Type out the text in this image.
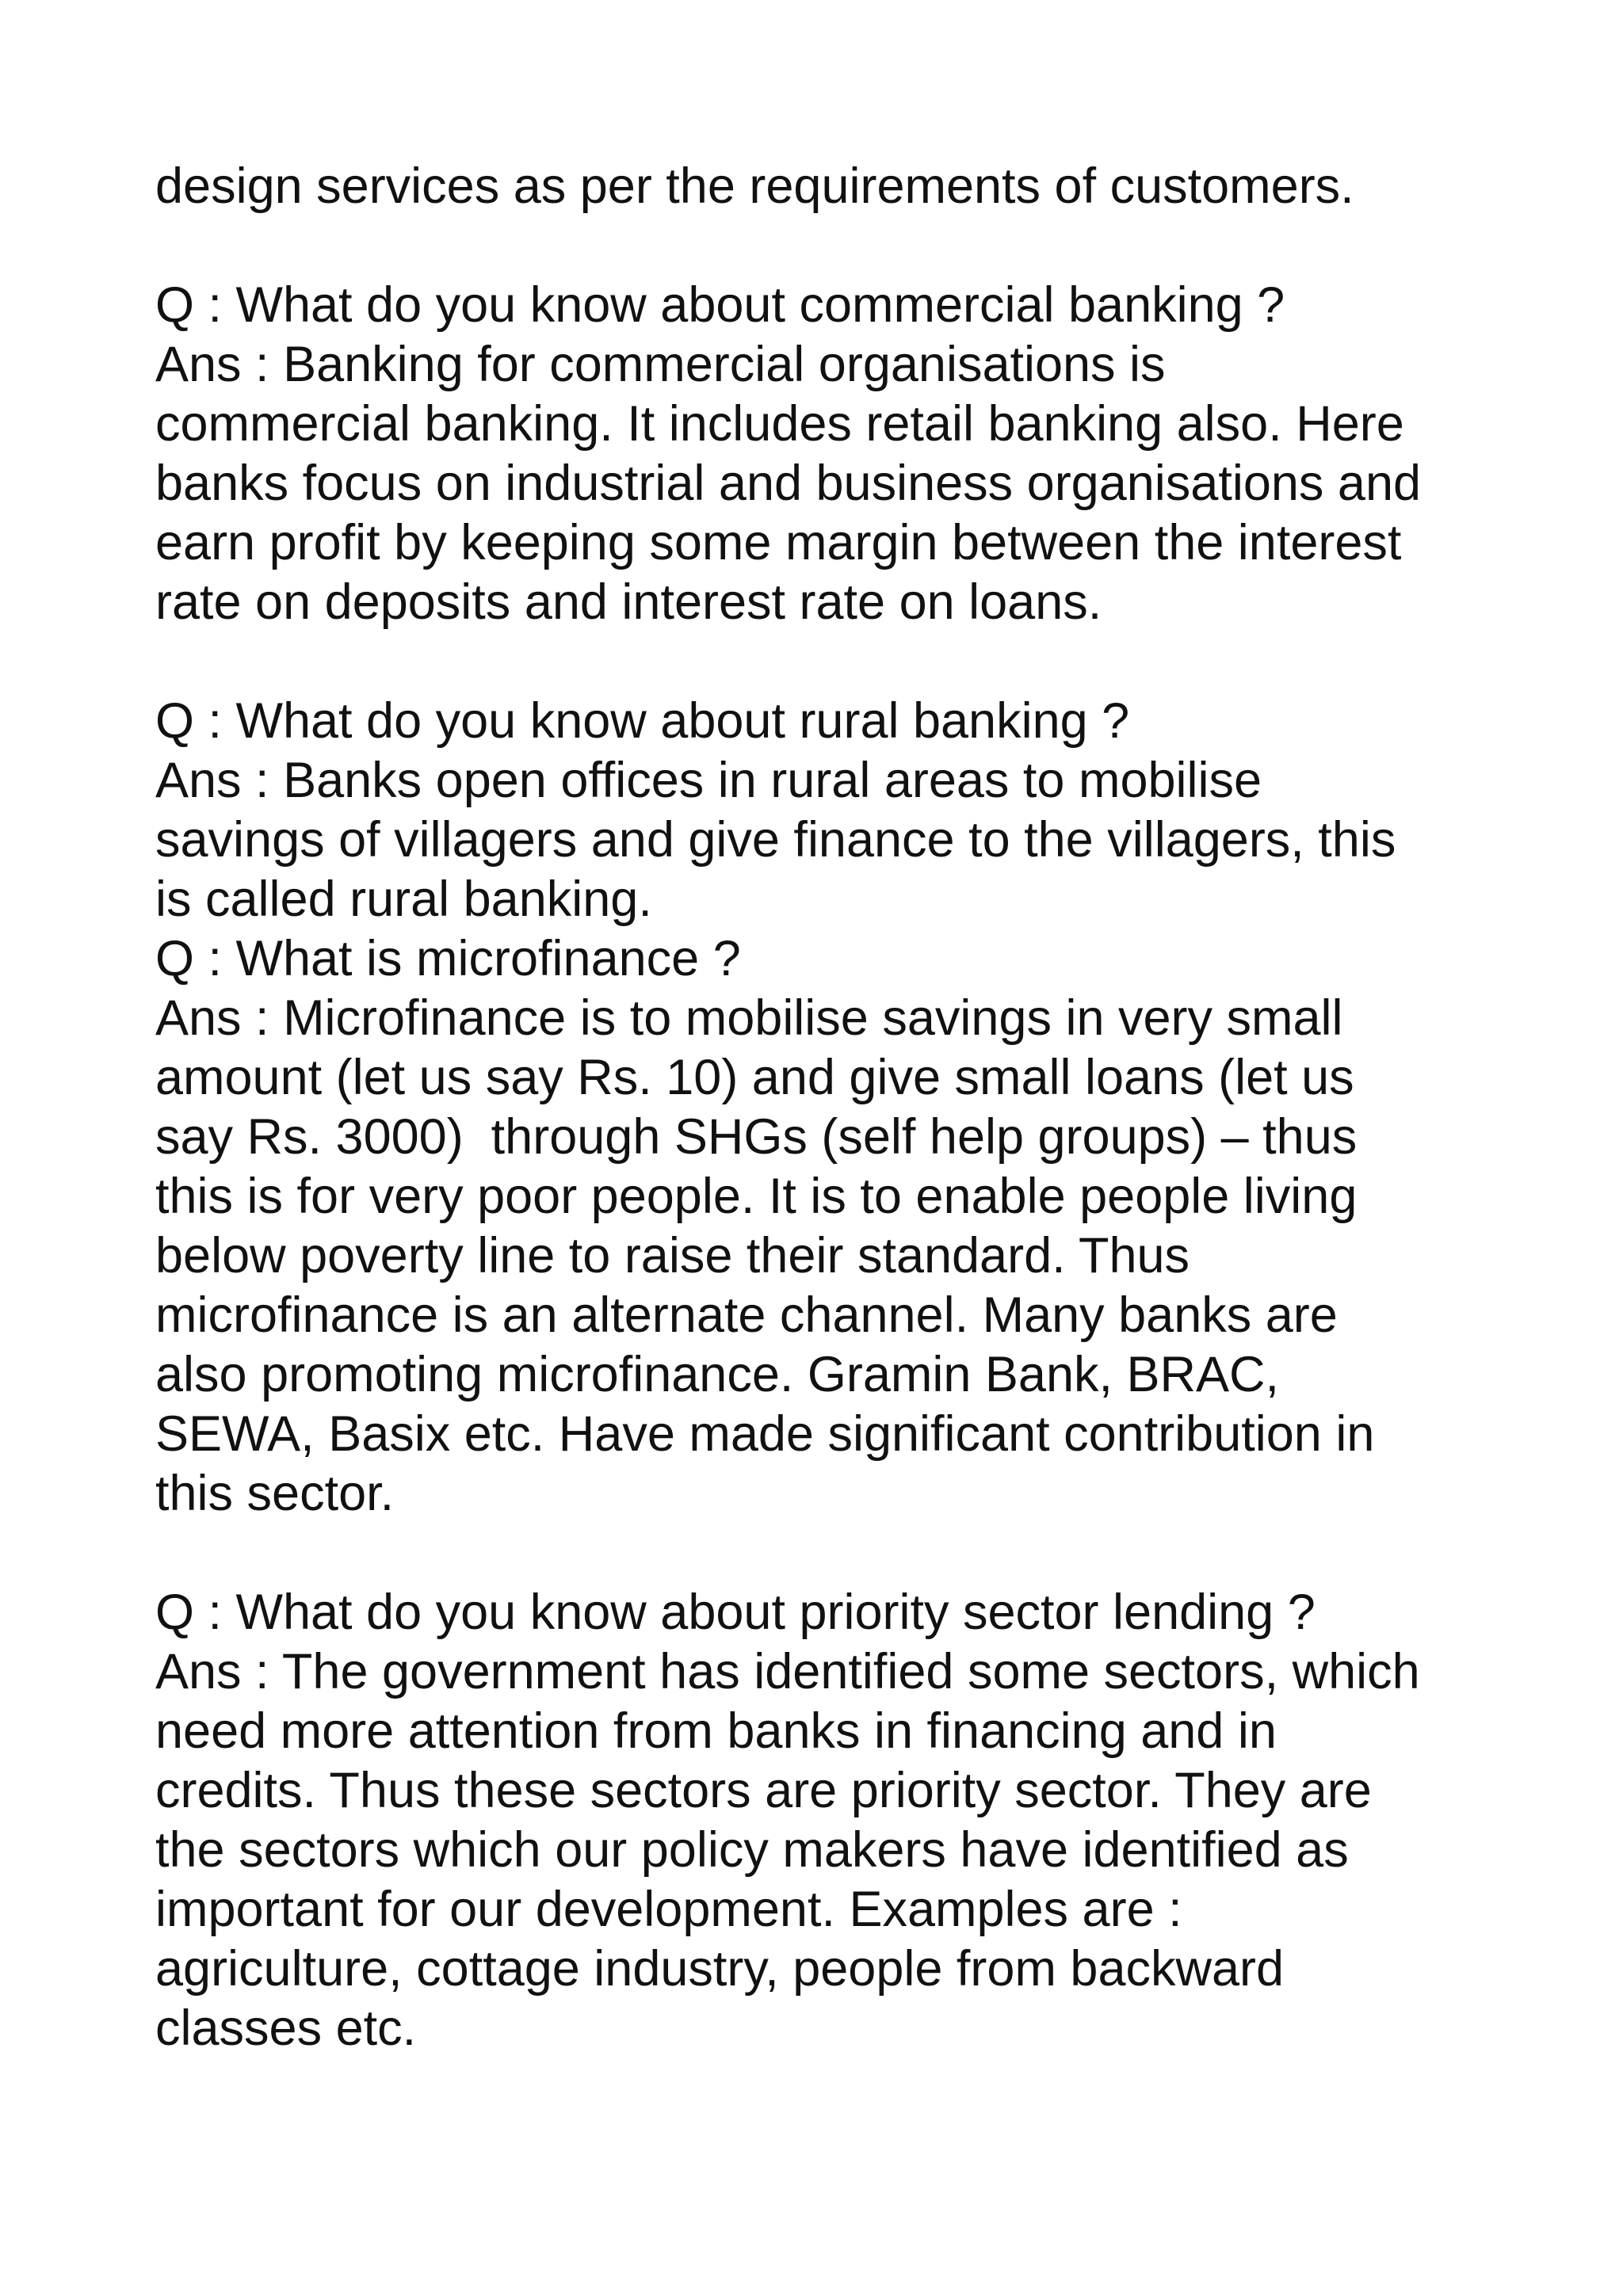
design services as per the requirements of customers.
Q : What do you know about commercial banking ?
Ans : Banking for commercial organisations is
commercial banking. It includes retail banking also. Here
banks focus on industrial and business organisations and
earn profit by keeping some margin between the interest
rate on deposits and interest rate on loans.
Q : What do you know about rural banking ?
Ans : Banks open offices in rural areas to mobilise
savings of villagers and give finance to the villagers, this
is called rural banking.
Q : What is microfinance ?
Ans : Microfinance is to mobilise savings in very small
amount (let us say Rs. 10) and give small loans (let us
say Rs. 3000)  through SHGs (self help groups) – thus
this is for very poor people. It is to enable people living
below poverty line to raise their standard. Thus
microfinance is an alternate channel. Many banks are
also promoting microfinance. Gramin Bank, BRAC,
SEWA, Basix etc. Have made significant contribution in
this sector.
Q : What do you know about priority sector lending ?
Ans : The government has identified some sectors, which
need more attention from banks in financing and in
credits. Thus these sectors are priority sector. They are
the sectors which our policy makers have identified as
important for our development. Examples are :
agriculture, cottage industry, people from backward
classes etc.
